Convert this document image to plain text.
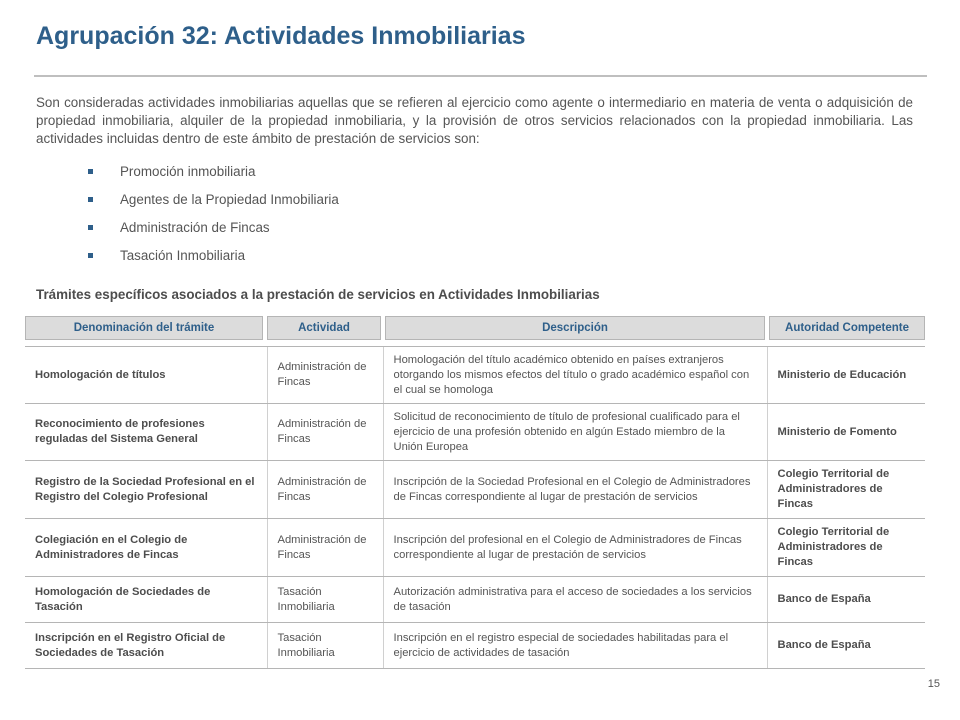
Agrupación 32: Actividades Inmobiliarias

Son consideradas actividades inmobiliarias aquellas que se refieren al ejercicio como agente o intermediario en materia de venta o adquisición de propiedad inmobiliaria, alquiler de la propiedad inmobiliaria, y la provisión de otros servicios relacionados con la propiedad inmobiliaria. Las actividades incluidas dentro de este ámbito de prestación de servicios son:

Promoción inmobiliaria
Agentes de la Propiedad Inmobiliaria
Administración de Fincas
Tasación Inmobiliaria
Trámites específicos asociados a la prestación de servicios en Actividades Inmobiliarias
Denominación del trámite	Actividad	Descripción	Autoridad Competente
Homologación de títulos	Administración de Fincas	Homologación del título académico obtenido en países extranjeros otorgando los mismos efectos del título o grado académico español con el cual se homologa	Ministerio de Educación
Reconocimiento de profesiones reguladas del Sistema General	Administración de Fincas	Solicitud de reconocimiento de título de profesional cualificado para el ejercicio de una profesión obtenido en algún Estado miembro de la Unión Europea	Ministerio de Fomento
Registro de la Sociedad Profesional en el Registro del Colegio Profesional	Administración de Fincas	Inscripción de la Sociedad Profesional en el Colegio de Administradores de Fincas correspondiente al lugar de prestación de servicios	Colegio Territorial de Administradores de Fincas
Colegiación en el Colegio de Administradores de Fincas	Administración de Fincas	Inscripción del profesional en el Colegio de Administradores de Fincas correspondiente al lugar de prestación de servicios	Colegio Territorial de Administradores de Fincas
Homologación de Sociedades de Tasación	Tasación Inmobiliaria	Autorización administrativa para el acceso de sociedades a los servicios de tasación	Banco de España
Inscripción en el Registro Oficial de Sociedades de Tasación	Tasación Inmobiliaria	Inscripción en el registro especial de sociedades habilitadas para el ejercicio de actividades de tasación	Banco de España
15
